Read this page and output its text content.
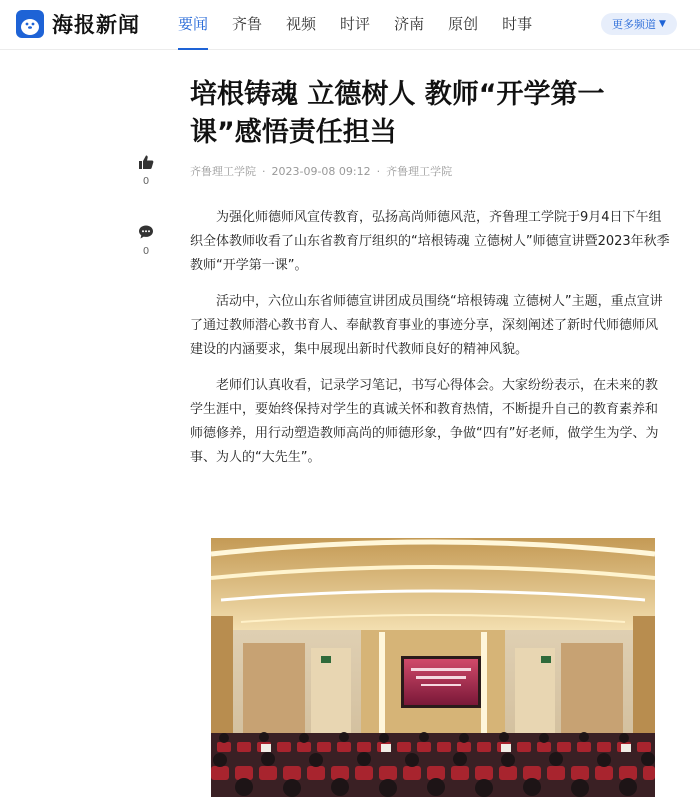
海报新闻	要闻 齐鲁 视频 时评 济南 原创 时事	更多频道 ▼
0
0
培根铸魂 立德树人 教师“开学第一课”感悟责任担当
齐鲁理工学院 · 2023-09-08 09:12 · 齐鲁理工学院

为强化师德师风宣传教育，弘扬高尚师德风范，齐鲁理工学院于9月4日下午组织全体教师收看了山东省教育厅组织的“培根铸魂 立德树人”师德宣讲暨2023年秋季教师“开学第一课”。

活动中，六位山东省师德宣讲团成员围绕“培根铸魂 立德树人”主题，重点宣讲了通过教师潜心教书育人、奉献教育事业的事迹分享，深刻阐述了新时代师德师风建设的内涵要求，集中展现出新时代教师良好的精神风貌。

老师们认真收看，记录学习笔记，书写心得体会。大家纷纷表示，在未来的教学生涯中，要始终保持对学生的真诚关怀和教育热情，不断提升自己的教育素养和师德修养，用行动塑造教师高尚的师德形象，争做“四有”好老师，做学生为学、为事、为人的“大先生”。
